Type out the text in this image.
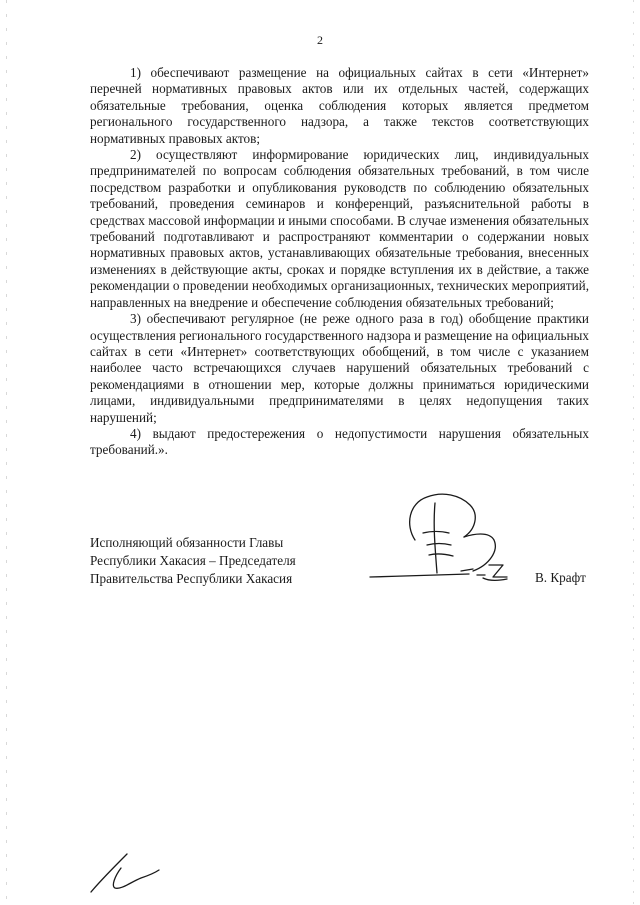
2

1) обеспечивают размещение на официальных сайтах в сети «Интернет» перечней нормативных правовых актов или их отдельных частей, содержащих обязательные требования, оценка соблюдения которых является предметом регионального государственного надзора, а также текстов соответствующих нормативных правовых актов;

2) осуществляют информирование юридических лиц, индивидуальных предпринимателей по вопросам соблюдения обязательных требований, в том числе посредством разработки и опубликования руководств по соблюдению обязательных требований, проведения семинаров и конференций, разъяснительной работы в средствах массовой информации и иными способами. В случае изменения обязательных требований подготавливают и распространяют комментарии о содержании новых нормативных правовых актов, устанавливающих обязательные требования, внесенных изменениях в действующие акты, сроках и порядке вступления их в действие, а также рекомендации о проведении необходимых организационных, технических мероприятий, направленных на внедрение и обеспечение соблюдения обязательных требований;

3) обеспечивают регулярное (не реже одного раза в год) обобщение практики осуществления регионального государственного надзора и размещение на официальных сайтах в сети «Интернет» соответствующих обобщений, в том числе с указанием наиболее часто встречающихся случаев нарушений обязательных требований с рекомендациями в отношении мер, которые должны приниматься юридическими лицами, индивидуальными предпринимателями в целях недопущения таких нарушений;

4) выдают предостережения о недопустимости нарушения обязательных требований.».

Исполняющий обязанности Главы
Республики Хакасия – Председателя
Правительства Республики Хакасия	В. Крафт
